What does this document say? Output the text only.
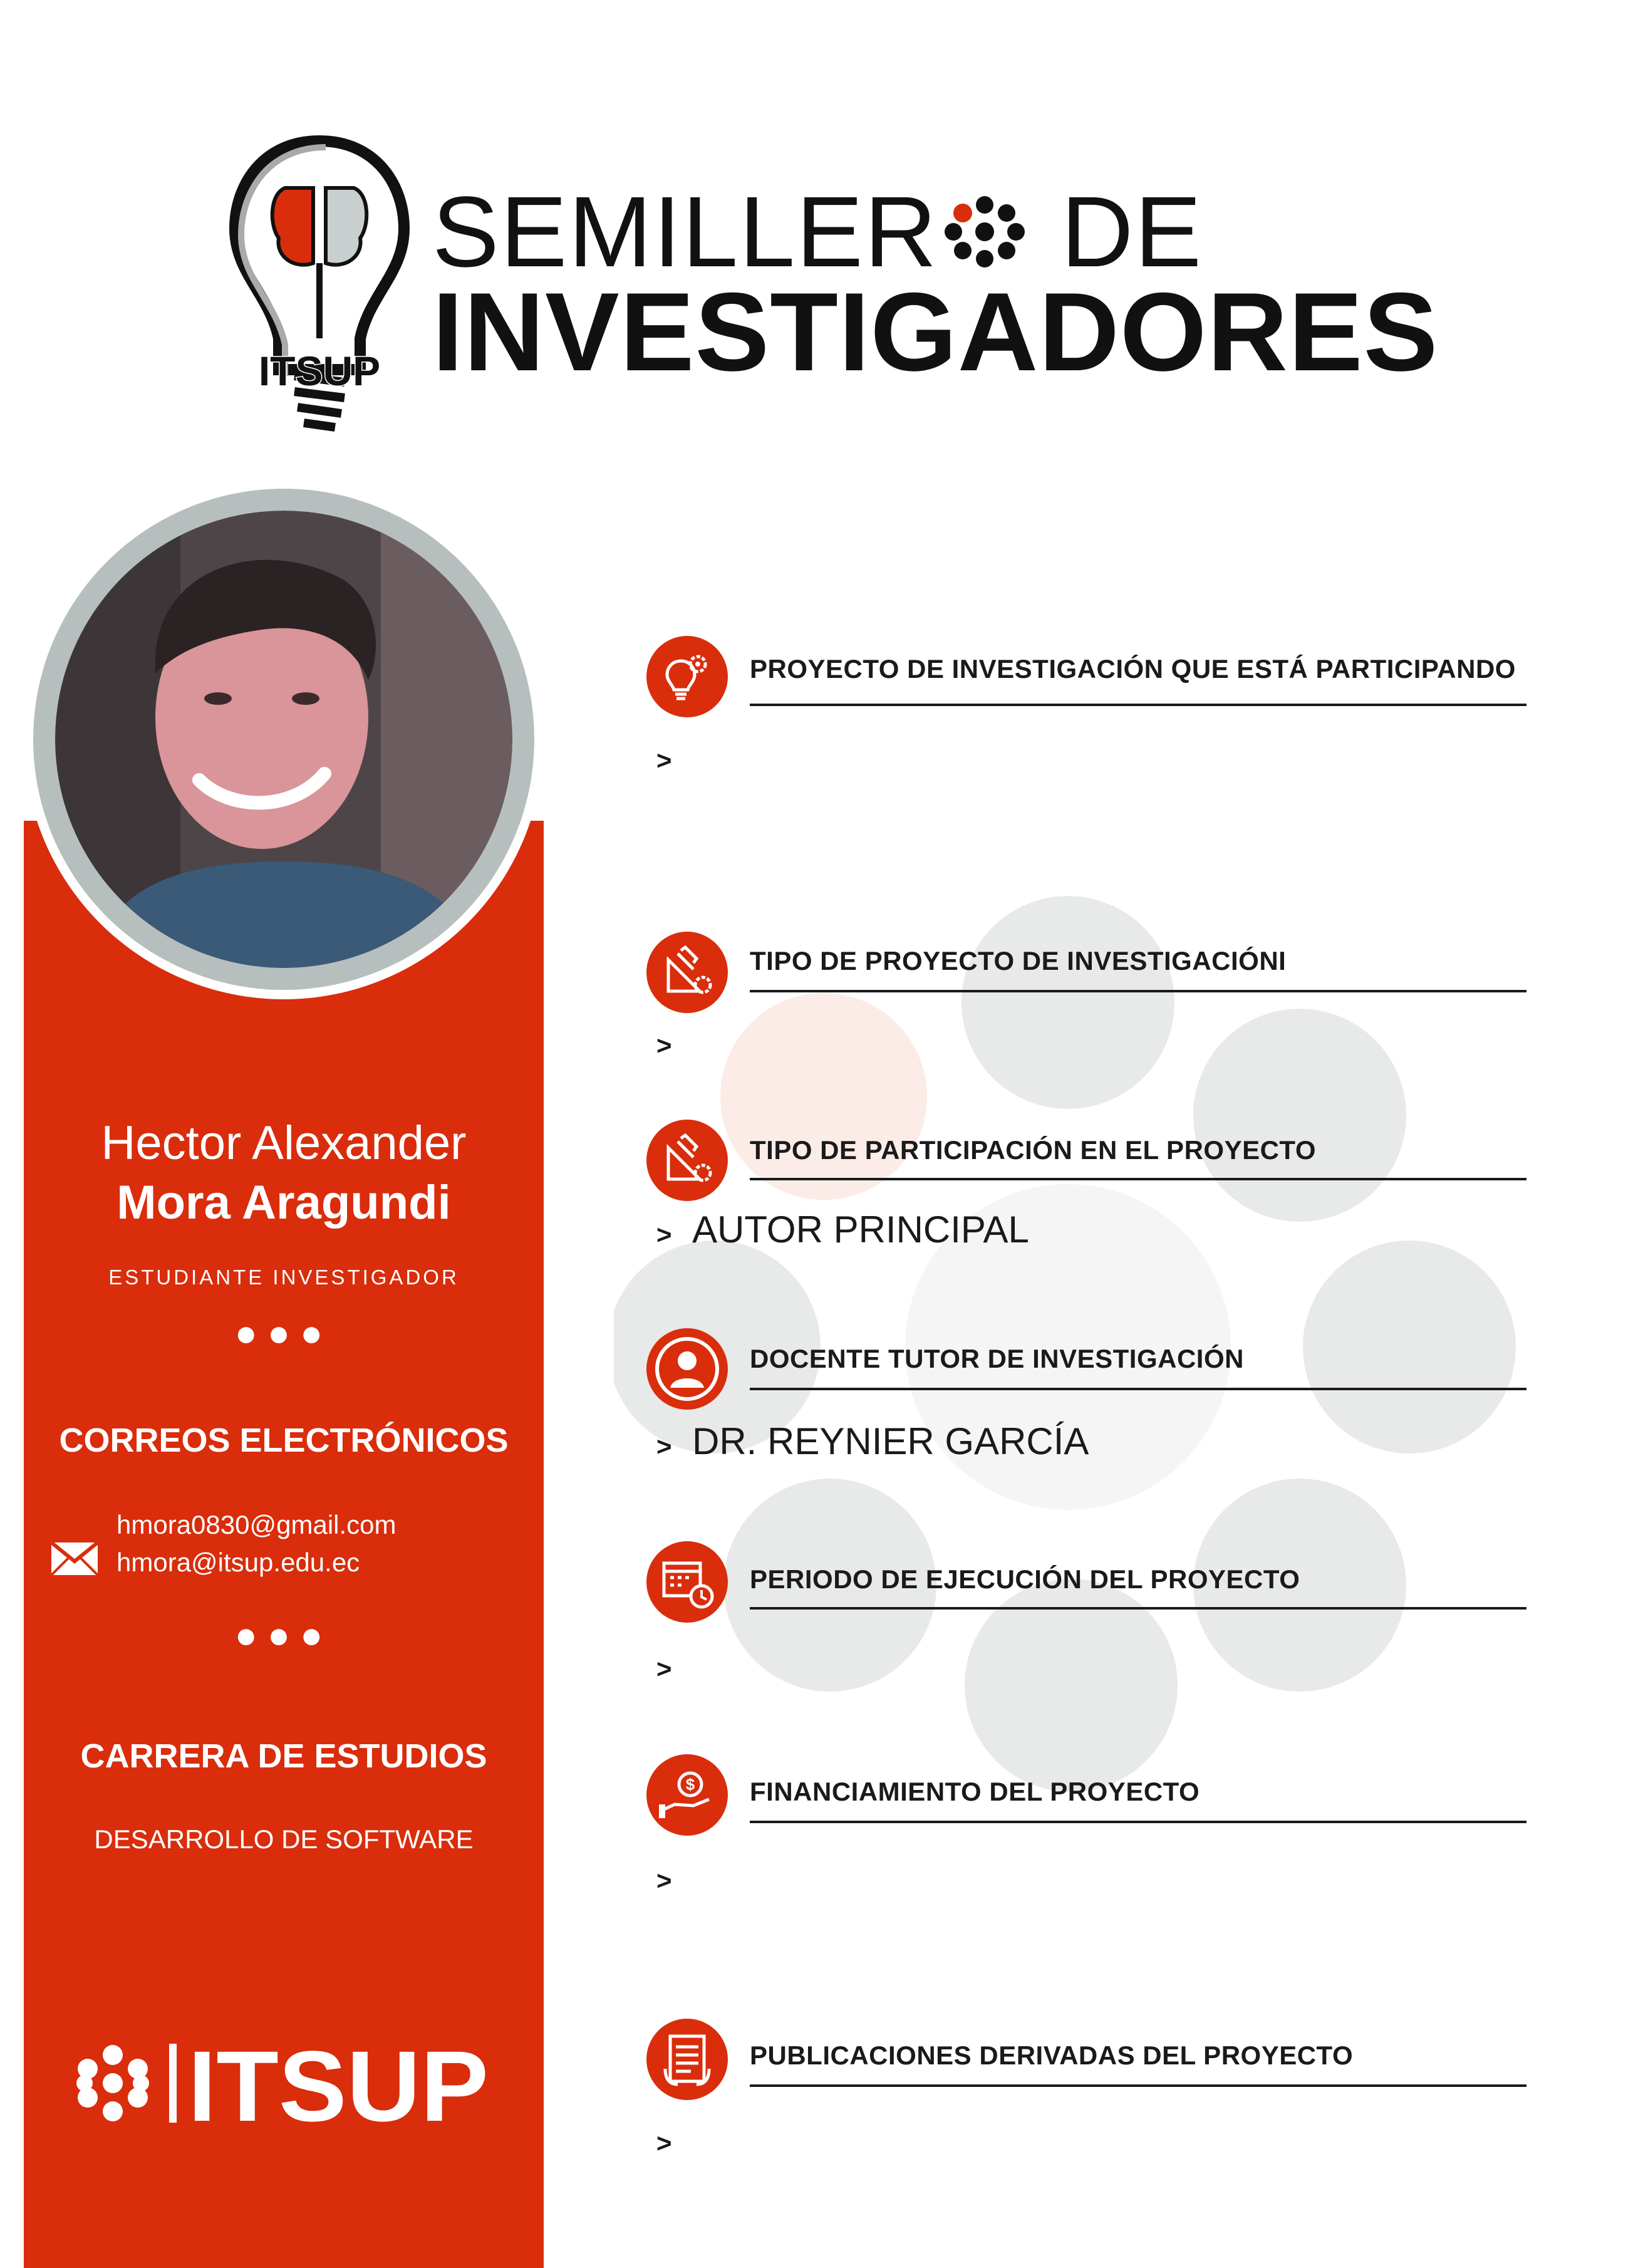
ITSUP
SEMILLER DE
INVESTIGADORES
Hector Alexander
Mora Aragundi
ESTUDIANTE INVESTIGADOR
●●●
CORREOS ELECTRÓNICOS
hmora0830@gmail.com
hmora@itsup.edu.ec
●●●
CARRERA DE ESTUDIOS
DESARROLLO DE SOFTWARE
ITSUP
PROYECTO DE INVESTIGACIÓN QUE ESTÁ PARTICIPANDO
>
TIPO DE PROYECTO DE INVESTIGACIÓNI
>
TIPO DE PARTICIPACIÓN EN EL PROYECTO
> AUTOR PRINCIPAL
DOCENTE TUTOR DE INVESTIGACIÓN
> DR. REYNIER GARCÍA
PERIODO DE EJECUCIÓN DEL PROYECTO
>
$ FINANCIAMIENTO DEL PROYECTO
>
PUBLICACIONES DERIVADAS DEL PROYECTO
>
